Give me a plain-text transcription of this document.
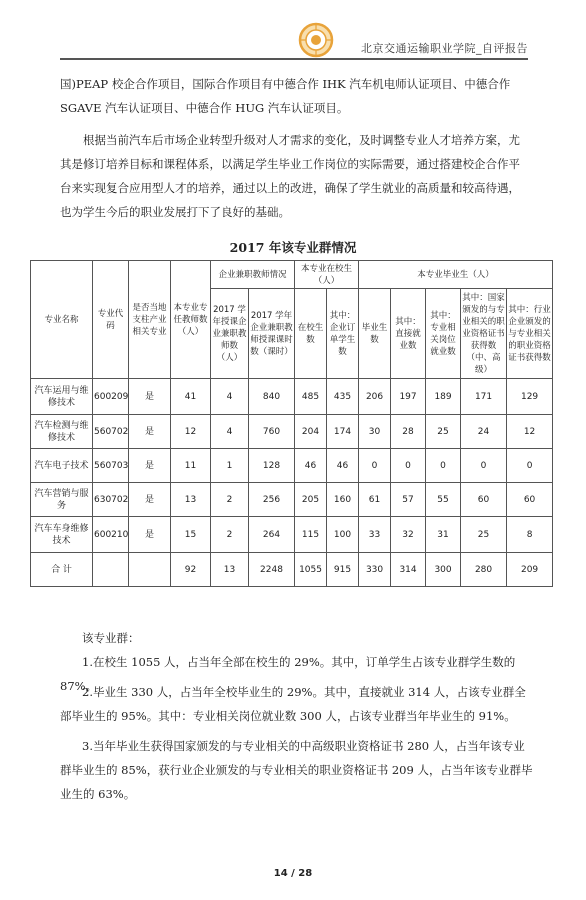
北京交通运输职业学院_自评报告

国)PEAP 校企合作项目，国际合作项目有中德合作 IHK 汽车机电师认证项目、中德合作 SGAVE 汽车认证项目、中德合作 HUG 汽车认证项目。

根据当前汽车后市场企业转型升级对人才需求的变化，及时调整专业人才培养方案，尤其是修订培养目标和课程体系，以满足学生毕业工作岗位的实际需要，通过搭建校企合作平台来实现复合应用型人才的培养，通过以上的改进，确保了学生就业的高质量和较高待遇，也为学生今后的职业发展打下了良好的基础。

2017 年该专业群情况
专业名称	专业代码	是否当地支柱产业相关专业	本专业专任教师数（人）	企业兼职教师情况		本专业在校生（人）		本专业毕业生（人）				
				2017 学年授课企业兼职教师数（人）	2017 学年企业兼职教师授课课时数（课时）	在校生数	其中：企业订单学生数	毕业生数	其中：直接就业数	其中：专业相关岗位就业数	其中：国家颁发的与专业相关的职业资格证书获得数（中、高级）	其中：行业企业颁发的与专业相关的职业资格证书获得数
汽车运用与维修技术	600209	是	41	4	840	485	435	206	197	189	171	129
汽车检测与维修技术	560702	是	12	4	760	204	174	30	28	25	24	12
汽车电子技术	560703	是	11	1	128	46	46	0	0	0	0	0
汽车营销与服务	630702	是	13	2	256	205	160	61	57	55	60	60
汽车车身维修技术	600210	是	15	2	264	115	100	33	32	31	25	8
合 计			92	13	2248	1055	915	330	314	300	280	209

该专业群：

1.在校生 1055 人，占当年全部在校生的 29%。其中，订单学生占该专业群学生数的 87%。

2.毕业生 330 人，占当年全校毕业生的 29%。其中，直接就业 314 人，占该专业群全部毕业生的 95%。其中：专业相关岗位就业数 300 人，占该专业群当年毕业生的 91%。

3.当年毕业生获得国家颁发的与专业相关的中高级职业资格证书 280 人，占当年该专业群毕业生的 85%，获行业企业颁发的与专业相关的职业资格证书 209 人，占当年该专业群毕业生的 63%。

14 / 28
